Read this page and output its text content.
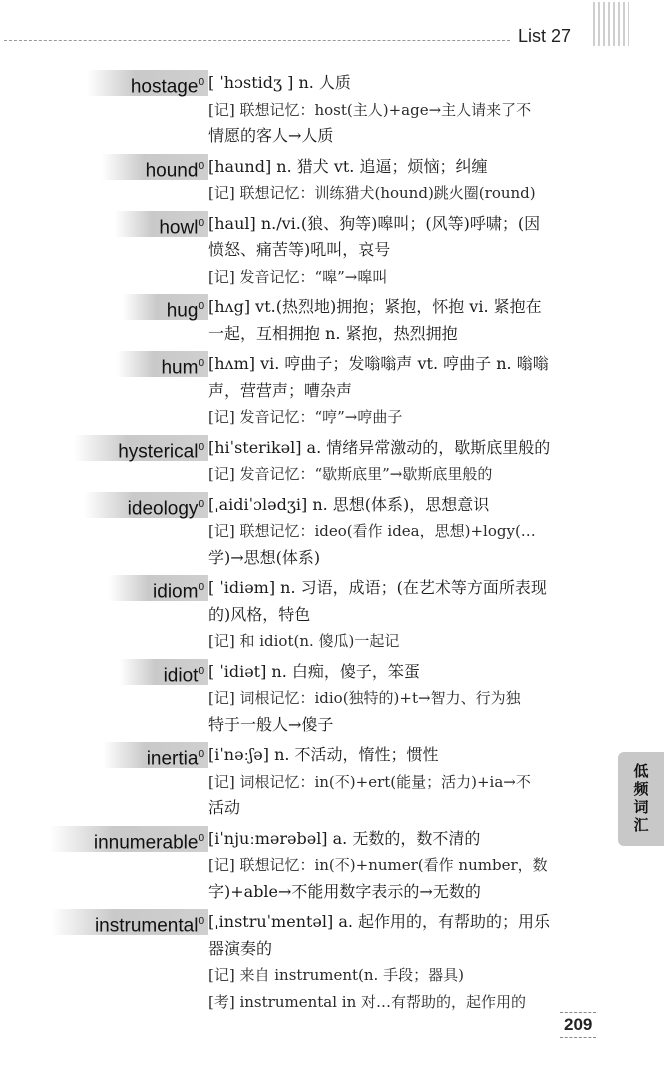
List 27
低频词汇
hostage$^0$ [ ˈhɔstidʒ ] n. 人质
[记] 联想记忆：host(主人)+age→主人请来了不
情愿的客人→人质
hound$^0$ [haund] n. 猎犬 vt. 追逼；烦恼；纠缠
[记] 联想记忆：训练猎犬(hound)跳火圈(round)
howl$^0$ [haul] n./vi.(狼、狗等)嗥叫；(风等)呼啸；(因
愤怒、痛苦等)吼叫，哀号
[记] 发音记忆：“嗥”→嗥叫
hug$^0$ [hʌg] vt.(热烈地)拥抱；紧抱，怀抱 vi. 紧抱在
一起，互相拥抱 n. 紧抱，热烈拥抱
hum$^0$ [hʌm] vi. 哼曲子；发嗡嗡声 vt. 哼曲子 n. 嗡嗡
声，营营声；嘈杂声
[记] 发音记忆：“哼”→哼曲子
hysterical$^0$ [hiˈsterikəl] a. 情绪异常激动的，歇斯底里般的
[记] 发音记忆：“歇斯底里”→歇斯底里般的
ideology$^0$ [ˌaidiˈɔlədʒi] n. 思想(体系)，思想意识
[记] 联想记忆：ideo(看作 idea，思想)+logy(…
学)→思想(体系)
idiom$^0$ [ ˈidiəm] n. 习语，成语；(在艺术等方面所表现
的)风格，特色
[记] 和 idiot(n. 傻瓜)一起记
idiot$^0$ [ ˈidiət] n. 白痴，傻子，笨蛋
[记] 词根记忆：idio(独特的)+t→智力、行为独
特于一般人→傻子
inertia$^0$ [iˈnəːʃə] n. 不活动，惰性；惯性
[记] 词根记忆：in(不)+ert(能量；活力)+ia→不
活动
innumerable$^0$ [iˈnjuːmərəbəl] a. 无数的，数不清的
[记] 联想记忆：in(不)+numer(看作 number，数
字)+able→不能用数字表示的→无数的
instrumental$^0$ [ˌinstruˈmentəl] a. 起作用的，有帮助的；用乐
器演奏的
[记] 来自 instrument(n. 手段；器具)
[考] instrumental in 对…有帮助的，起作用的
209
